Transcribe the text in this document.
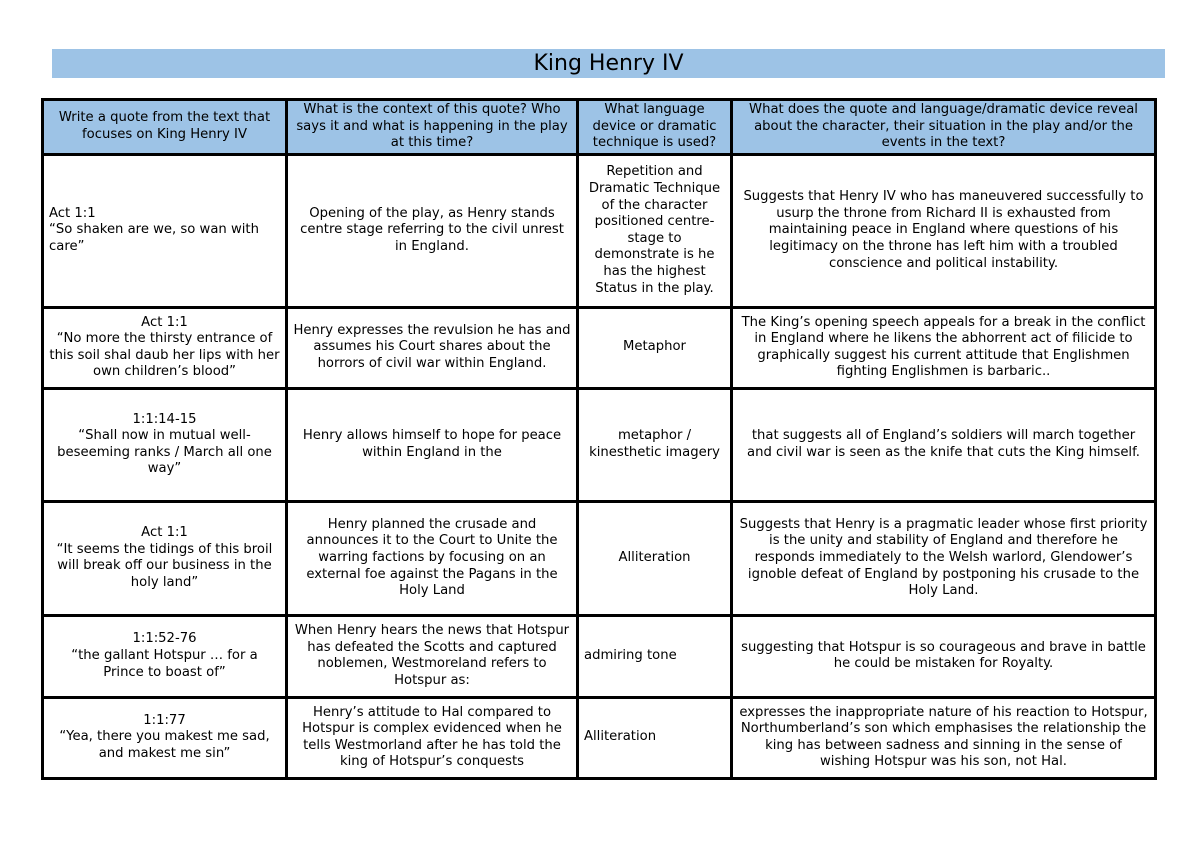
King Henry IV
Write a quote from the text that focuses on King Henry IV	What is the context of this quote? Who says it and what is happening in the play at this time?	What language device or dramatic technique is used?	What does the quote and language/dramatic device reveal about the character, their situation in the play and/or the events in the text?

Act 1:1
“So shaken are we, so wan with care”	Opening of the play, as Henry stands centre stage referring to the civil unrest in England.	Repetition and Dramatic Technique of the character positioned centre-stage to demonstrate is he has the highest Status in the play.	Suggests that Henry IV who has maneuvered successfully to usurp the throne from Richard II is exhausted from maintaining peace in England where questions of his legitimacy on the throne has left him with a troubled conscience and political instability.

Act 1:1
“No more the thirsty entrance of this soil shal daub her lips with her own children’s blood”	Henry expresses the revulsion he has and assumes his Court shares about the horrors of civil war within England.	Metaphor	The King’s opening speech appeals for a break in the conflict in England where he likens the abhorrent act of filicide to graphically suggest his current attitude that Englishmen fighting Englishmen is barbaric..

1:1:14-15
“Shall now in mutual well-beseeming ranks / March all one way”	Henry allows himself to hope for peace within England in the	metaphor / kinesthetic imagery	that suggests all of England’s soldiers will march together and civil war is seen as the knife that cuts the King himself.

Act 1:1
“It seems the tidings of this broil will break off our business in the holy land”	Henry planned the crusade and announces it to the Court to Unite the warring factions by focusing on an external foe against the Pagans in the Holy Land	Alliteration	Suggests that Henry is a pragmatic leader whose first priority is the unity and stability of England and therefore he responds immediately to the Welsh warlord, Glendower’s ignoble defeat of England by postponing his crusade to the Holy Land.

1:1:52-76
“the gallant Hotspur … for a Prince to boast of”	When Henry hears the news that Hotspur has defeated the Scotts and captured noblemen, Westmoreland refers to Hotspur as:	admiring tone	suggesting that Hotspur is so courageous and brave in battle he could be mistaken for Royalty.

1:1:77
“Yea, there you makest me sad, and makest me sin”	Henry’s attitude to Hal compared to Hotspur is complex evidenced when he tells Westmorland after he has told the king of Hotspur’s conquests	Alliteration	expresses the inappropriate nature of his reaction to Hotspur, Northumberland’s son which emphasises the relationship the king has between sadness and sinning in the sense of wishing Hotspur was his son, not Hal.
